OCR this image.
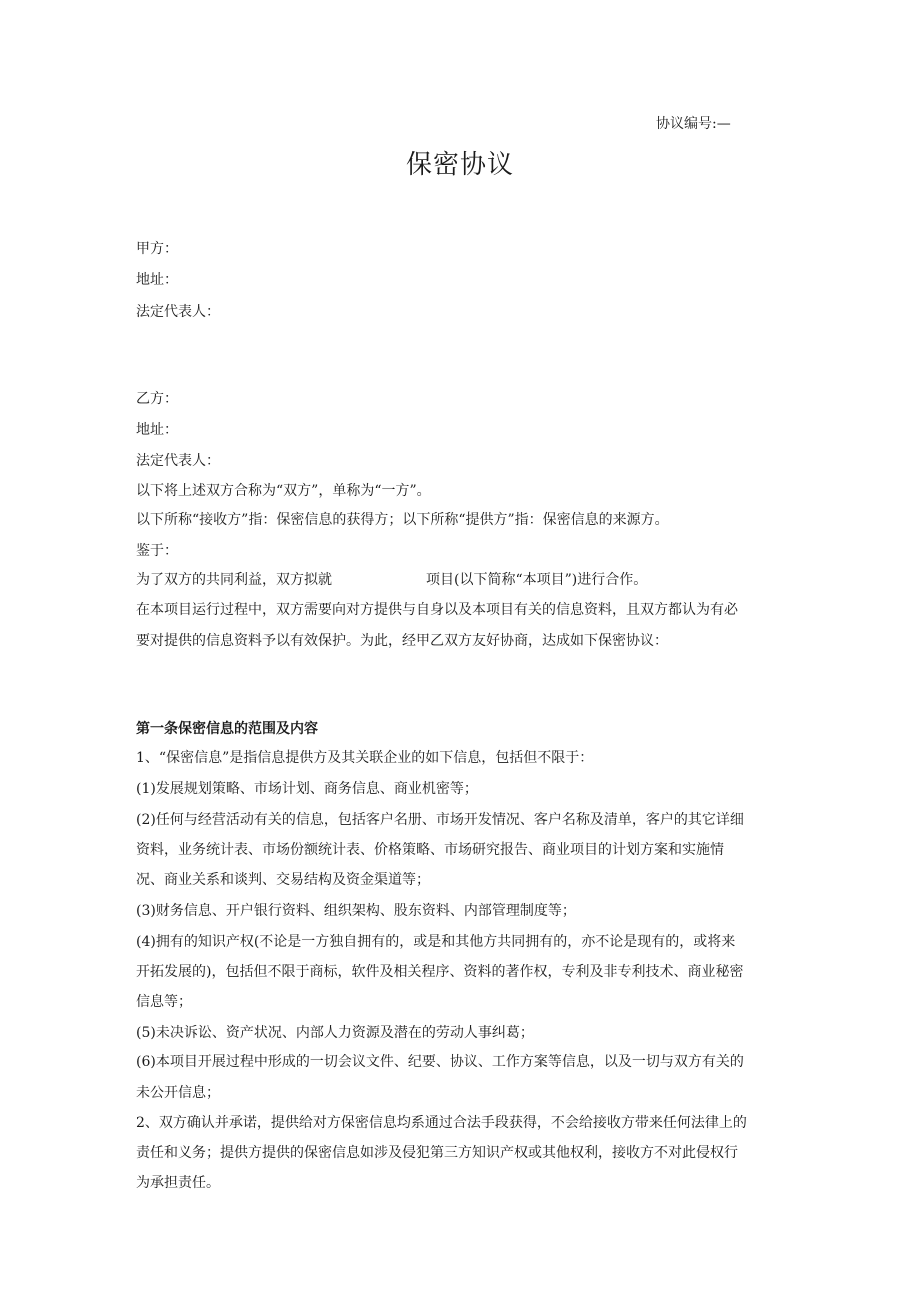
协议编号:—
保密协议
甲方：
地址：
法定代表人：
乙方：
地址：
法定代表人：
以下将上述双方合称为“双方”，单称为“一方”。
以下所称“接收方”指：保密信息的获得方；以下所称“提供方”指：保密信息的来源方。
鉴于：
为了双方的共同利益，双方拟就	项目(以下简称“本项目”)进行合作。
在本项目运行过程中，双方需要向对方提供与自身以及本项目有关的信息资料，且双方都认为有必
要对提供的信息资料予以有效保护。为此，经甲乙双方友好协商，达成如下保密协议：
第一条保密信息的范围及内容
1、“保密信息”是指信息提供方及其关联企业的如下信息，包括但不限于：
(1)发展规划策略、市场计划、商务信息、商业机密等；
(2)任何与经营活动有关的信息，包括客户名册、市场开发情况、客户名称及清单，客户的其它详细
资料，业务统计表、市场份额统计表、价格策略、市场研究报告、商业项目的计划方案和实施情
况、商业关系和谈判、交易结构及资金渠道等；
(3)财务信息、开户银行资料、组织架构、股东资料、内部管理制度等；
(4)拥有的知识产权(不论是一方独自拥有的，或是和其他方共同拥有的，亦不论是现有的，或将来
开拓发展的)，包括但不限于商标，软件及相关程序、资料的著作权，专利及非专利技术、商业秘密
信息等；
(5)未决诉讼、资产状况、内部人力资源及潜在的劳动人事纠葛；
(6)本项目开展过程中形成的一切会议文件、纪要、协议、工作方案等信息，以及一切与双方有关的
未公开信息；
2、双方确认并承诺，提供给对方保密信息均系通过合法手段获得，不会给接收方带来任何法律上的
责任和义务；提供方提供的保密信息如涉及侵犯第三方知识产权或其他权利，接收方不对此侵权行
为承担责任。
